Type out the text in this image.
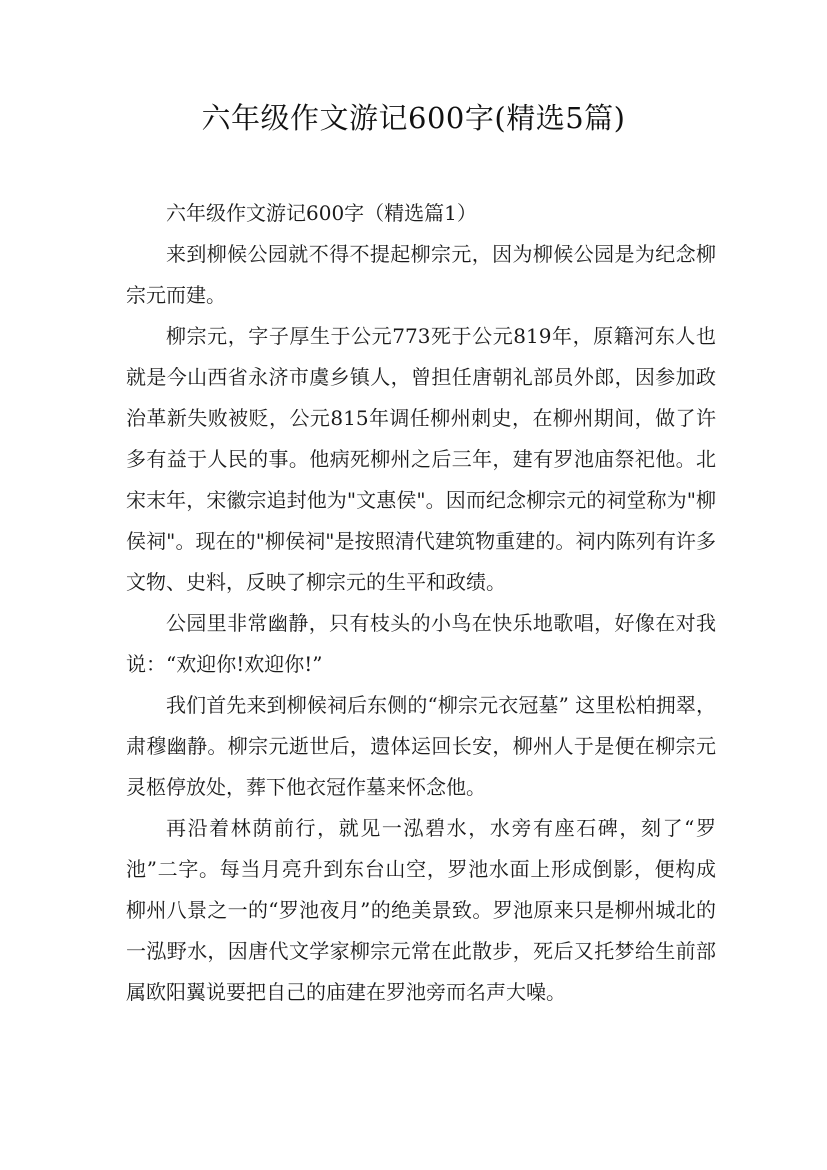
六年级作文游记600字(精选5篇)

六年级作文游记600字（精选篇1）

来到柳候公园就不得不提起柳宗元，因为柳候公园是为纪念柳宗元而建。

柳宗元，字子厚生于公元773死于公元819年，原籍河东人也就是今山西省永济市虞乡镇人，曾担任唐朝礼部员外郎，因参加政治革新失败被贬，公元815年调任柳州刺史，在柳州期间，做了许多有益于人民的事。他病死柳州之后三年，建有罗池庙祭祀他。北宋末年，宋徽宗追封他为"文惠侯"。因而纪念柳宗元的祠堂称为"柳侯祠"。现在的"柳侯祠"是按照清代建筑物重建的。祠内陈列有许多文物、史料，反映了柳宗元的生平和政绩。

公园里非常幽静，只有枝头的小鸟在快乐地歌唱，好像在对我说：“欢迎你!欢迎你!”

我们首先来到柳候祠后东侧的“柳宗元衣冠墓” 这里松柏拥翠，肃穆幽静。柳宗元逝世后，遗体运回长安，柳州人于是便在柳宗元灵柩停放处，葬下他衣冠作墓来怀念他。

再沿着林荫前行，就见一泓碧水，水旁有座石碑，刻了“罗池”二字。每当月亮升到东台山空，罗池水面上形成倒影，便构成柳州八景之一的“罗池夜月”的绝美景致。罗池原来只是柳州城北的一泓野水，因唐代文学家柳宗元常在此散步，死后又托梦给生前部属欧阳翼说要把自己的庙建在罗池旁而名声大噪。
